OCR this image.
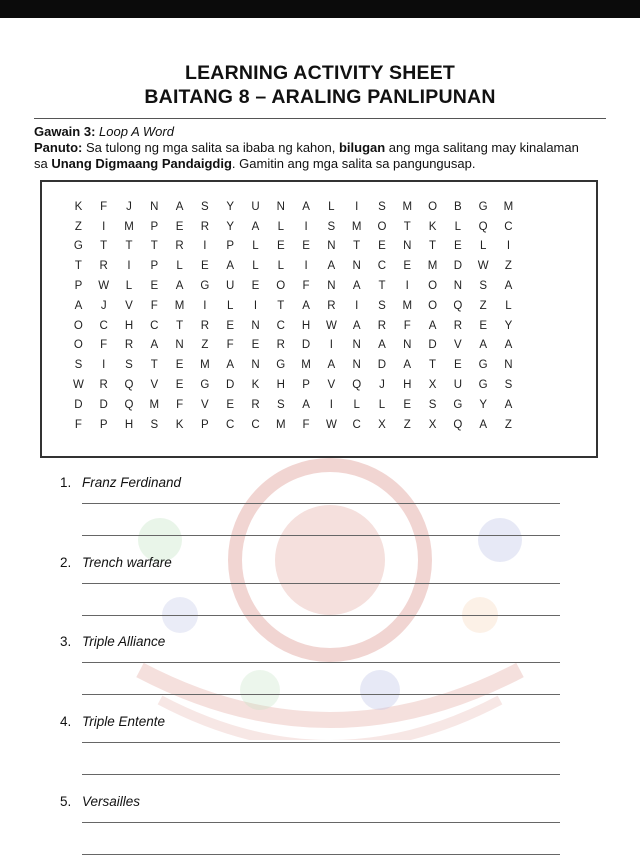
LEARNING ACTIVITY SHEET
BAITANG 8 – ARALING PANLIPUNAN
Gawain 3: Loop A Word
Panuto: Sa tulong ng mga salita sa ibaba ng kahon, bilugan ang mga salitang may kinalaman sa Unang Digmaang Pandaigdig. Gamitin ang mga salita sa pangungusap.
K	F	J	N	A	S	Y	U	N	A	L	I	S	M	O	B	G	M
Z	I	M	P	E	R	Y	A	L	I	S	M	O	T	K	L	Q	C
G	T	T	T	R	I	P	L	E	E	N	T	E	N	T	E	L	I
T	R	I	P	L	E	A	L	L	I	A	N	C	E	M	D	W	Z
P	W	L	E	A	G	U	E	O	F	N	A	T	I	O	N	S	A
A	J	V	F	M	I	L	I	T	A	R	I	S	M	O	Q	Z	L
O	C	H	C	T	R	E	N	C	H	W	A	R	F	A	R	E	Y
O	F	R	A	N	Z	F	E	R	D	I	N	A	N	D	V	A	A
S	I	S	T	E	M	A	N	G	M	A	N	D	A	T	E	G	N
W	R	Q	V	E	G	D	K	H	P	V	Q	J	H	X	U	G	S
D	D	Q	M	F	V	E	R	S	A	I	L	L	E	S	G	Y	A
F	P	H	S	K	P	C	C	M	F	W	C	X	Z	X	Q	A	Z
1. Franz Ferdinand
2. Trench warfare
3. Triple Alliance
4. Triple Entente
5. Versailles
